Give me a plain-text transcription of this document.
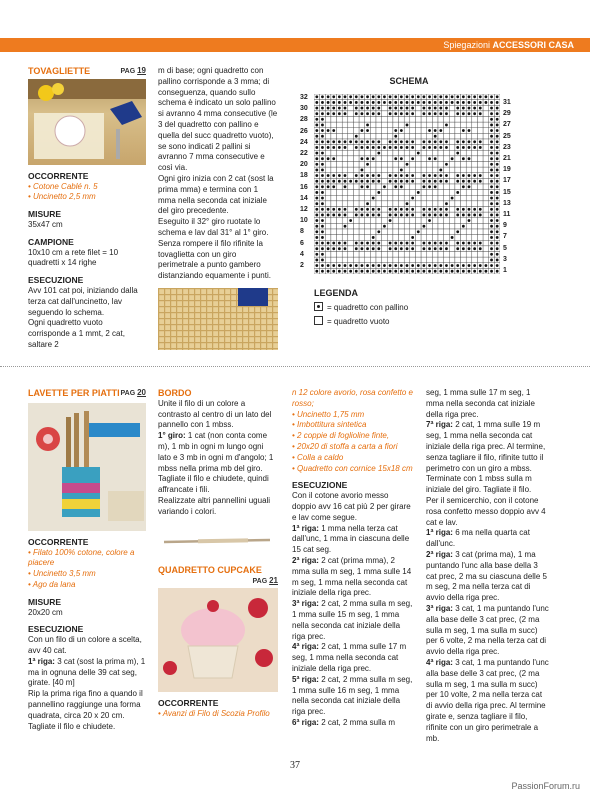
Spiegazioni ACCESSORI CASA
TOVAGLIETTE	PAG 19
OCCORRENTE
• Cotone Cablé n. 5
• Uncinetto 2,5 mm
MISURE
35x47 cm
CAMPIONE
10x10 cm a rete filet = 10 quadretti x 14 righe
ESECUZIONE
Avv 101 cat poi, iniziando dalla terza cat dall'uncinetto, lav seguendo lo schema.
Ogni quadretto vuoto corrisponde a 1 mmt, 2 cat, saltare 2

m di base; ogni quadretto con pallino corrisponde a 3 mma; di conseguenza, quando sullo schema è indicato un solo pallino si avranno 4 mma consecutive (le 3 del quadretto con pallino e quella del succ quadretto vuoto), se sono indicati 2 pallini si avranno 7 mma consecutive e così via.

Ogni giro inizia con 2 cat (sost la prima mma) e termina con 1 mma nella seconda cat iniziale del giro precedente.

Eseguito il 32° giro ruotate lo schema e lav dal 31° al 1° giro.

Senza rompere il filo rifinite la tovaglietta con un giro perimetrale a punto gambero distanziando equamente i punti.

SCHEMA
32
30
28
26
24
22
20
18
16
14
12
10
8
6
4
2
31
29
27
25
23
21
19
17
15
13
11
9
7
5
3
1
LEGENDA
= quadretto con pallino
= quadretto vuoto
LAVETTE PER PIATTI PAG 20
OCCORRENTE
• Filato 100% cotone, colore a piacere
• Uncinetto 3,5 mm
• Ago da lana
MISURE
20x20 cm
ESECUZIONE
Con un filo di un colore a scelta, avv 40 cat.
1ª riga: 3 cat (sost la prima m), 1 ma in ognuna delle 39 cat seg, girate. [40 m]
Rip la prima riga fino a quando il pannellino raggiunge una forma quadrata, circa 20 x 20 cm.
Tagliate il filo e chiudete.
BORDO
Unite il filo di un colore a contrasto al centro di un lato del pannello con 1 mbss.
1° giro: 1 cat (non conta come m), 1 mb in ogni m lungo ogni lato e 3 mb in ogni m d'angolo; 1 mbss nella prima mb del giro.
Tagliate il filo e chiudete, quindi affrancate i fili.
Realizzate altri pannellini uguali variando i colori.
QUADRETTO CUPCAKE
PAG 21
OCCORRENTE
• Avanzi di Filo di Scozia Profilo
n 12 colore avorio, rosa confetto e rosso;
• Uncinetto 1,75 mm
• Imbottitura sintetica
• 2 coppie di foglioline finte,
• 20x20 di stoffa a carta a fiori
• Colla a caldo
• Quadretto con cornice 15x18 cm
ESECUZIONE
Con il cotone avorio messo doppio avv 16 cat più 2 per girare e lav come segue.
1ª riga: 1 mma nella terza cat dall'unc, 1 mma in ciascuna delle 15 cat seg.
2ª riga: 2 cat (prima mma), 2 mma sulla m seg, 1 mma sulle 14 m seg, 1 mma nella seconda cat iniziale della riga prec.
3ª riga: 2 cat, 2 mma sulla m seg, 1 mma sulle 15 m seg, 1 mma nella seconda cat iniziale della riga prec.
4ª riga: 2 cat, 1 mma sulle 17 m seg, 1 mma nella seconda cat iniziale della riga prec.
5ª riga: 2 cat, 2 mma sulla m seg, 1 mma sulle 16 m seg, 1 mma nella seconda cat iniziale della riga prec.
6ª riga: 2 cat, 2 mma sulla m
seg, 1 mma sulle 17 m seg, 1 mma nella seconda cat iniziale della riga prec.
7ª riga: 2 cat, 1 mma sulle 19 m seg, 1 mma nella seconda cat iniziale della riga prec. Al termine, senza tagliare il filo, rifinite tutto il perimetro con un giro a mbss. Terminate con 1 mbss sulla m iniziale del giro. Tagliate il filo.
Per il semicerchio, con il cotone rosa confetto messo doppio avv 4 cat e lav.
1ª riga: 6 ma nella quarta cat dall'unc.
2ª riga: 3 cat (prima ma), 1 ma puntando l'unc alla base della 3 cat prec, 2 ma su ciascuna delle 5 m seg, 2 ma nella terza cat di avvio della riga prec.
3ª riga: 3 cat, 1 ma puntando l'unc alla base delle 3 cat prec, (2 ma sulla m seg, 1 ma sulla m succ) per 6 volte, 2 ma nella terza cat di avvio della riga prec.
4ª riga: 3 cat, 1 ma puntando l'unc alla base delle 3 cat prec, (2 ma sulla m seg, 1 ma sulla m succ) per 10 volte, 2 ma nella terza cat di avvio della riga prec. Al termine girate e, senza tagliare il filo, rifinite con un giro perimetrale a mb.
37
PassionForum.ru
